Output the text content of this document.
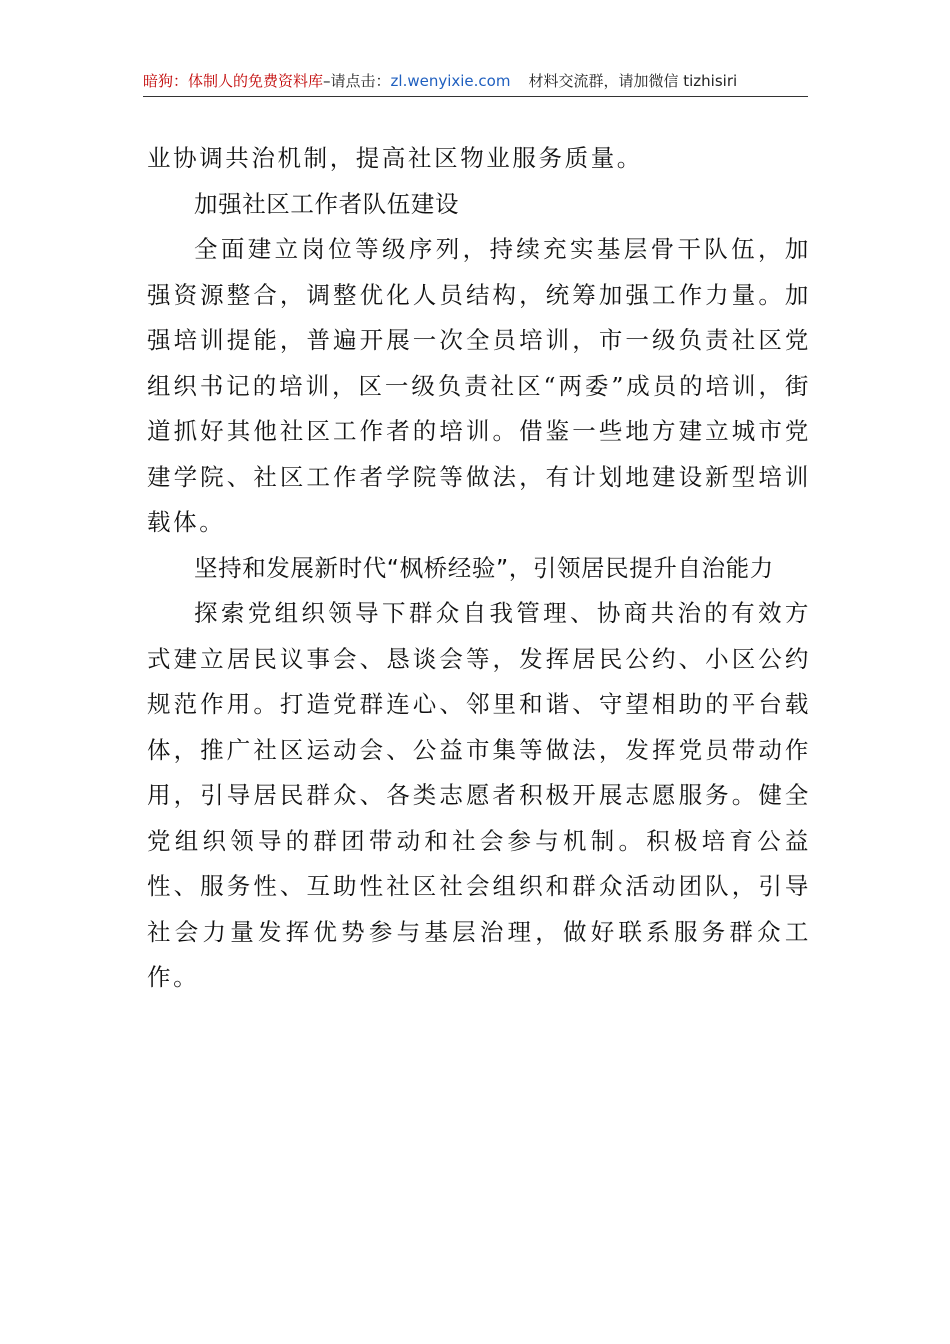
暗狗：体制人的免费资料库–请点击：zl.wenyixie.com 材料交流群，请加微信 tizhisiri

业协调共治机制，提高社区物业服务质量。

加强社区工作者队伍建设

全面建立岗位等级序列，持续充实基层骨干队伍，加强资源整合，调整优化人员结构，统筹加强工作力量。加强培训提能，普遍开展一次全员培训，市一级负责社区党组织书记的培训，区一级负责社区“两委”成员的培训，街道抓好其他社区工作者的培训。借鉴一些地方建立城市党建学院、社区工作者学院等做法，有计划地建设新型培训载体。

坚持和发展新时代“枫桥经验”，引领居民提升自治能力

探索党组织领导下群众自我管理、协商共治的有效方式建立居民议事会、恳谈会等，发挥居民公约、小区公约规范作用。打造党群连心、邻里和谐、守望相助的平台载体，推广社区运动会、公益市集等做法，发挥党员带动作用，引导居民群众、各类志愿者积极开展志愿服务。健全党组织领导的群团带动和社会参与机制。积极培育公益性、服务性、互助性社区社会组织和群众活动团队，引导社会力量发挥优势参与基层治理，做好联系服务群众工作。
